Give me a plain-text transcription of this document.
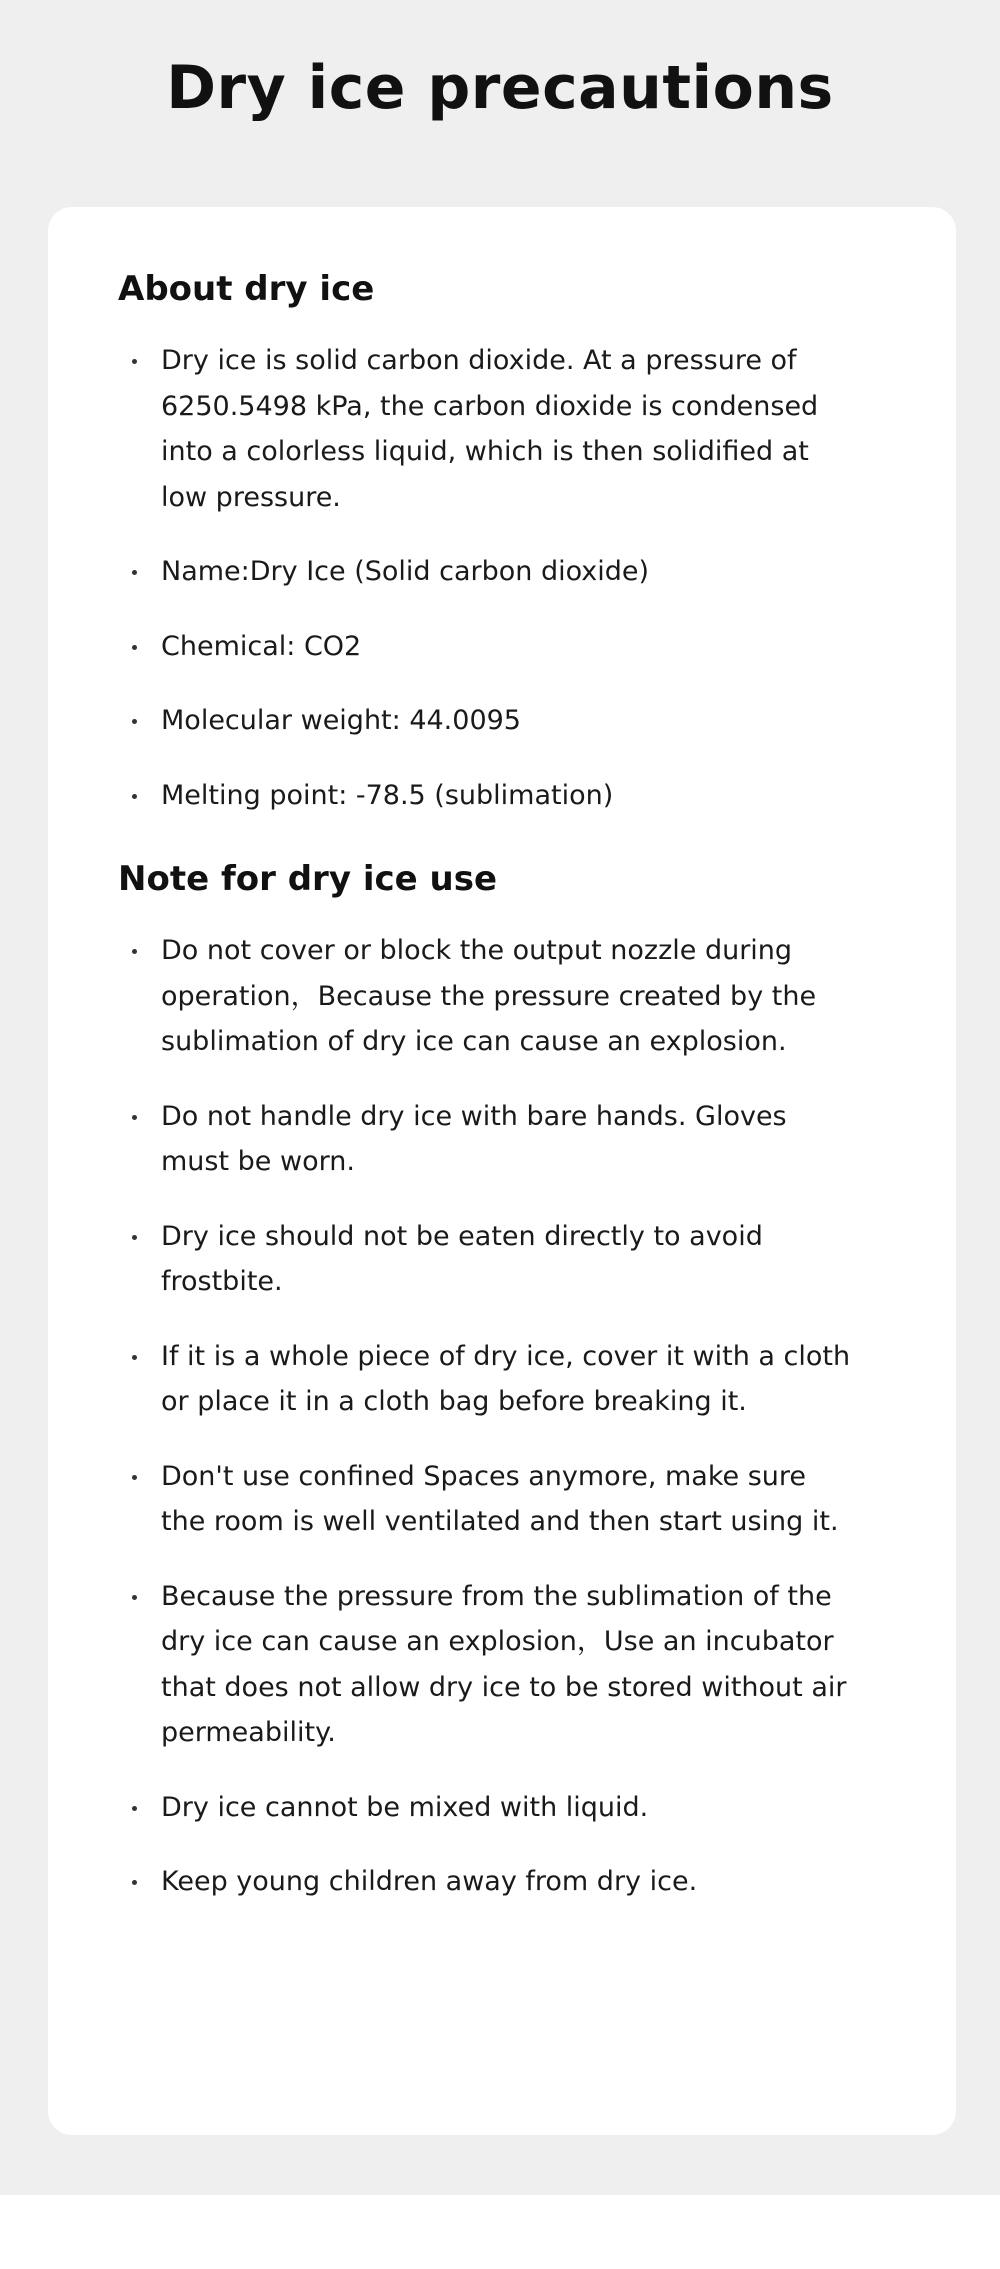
Dry ice precautions
About dry ice
Dry ice is solid carbon dioxide. At a pressure of 6250.5498 kPa, the carbon dioxide is condensed into a colorless liquid, which is then solidified at low pressure.
Name:Dry Ice (Solid carbon dioxide)
Chemical: CO2
Molecular weight: 44.0095
Melting point: -78.5 (sublimation)
Note for dry ice use
Do not cover or block the output nozzle during operation，Because the pressure created by the sublimation of dry ice can cause an explosion.
Do not handle dry ice with bare hands. Gloves must be worn.
Dry ice should not be eaten directly to avoid frostbite.
If it is a whole piece of dry ice, cover it with a cloth or place it in a cloth bag before breaking it.
Don't use confined Spaces anymore, make sure the room is well ventilated and then start using it.
Because the pressure from the sublimation of the dry ice can cause an explosion，Use an incubator that does not allow dry ice to be stored without air permeability.
Dry ice cannot be mixed with liquid.
Keep young children away from dry ice.
